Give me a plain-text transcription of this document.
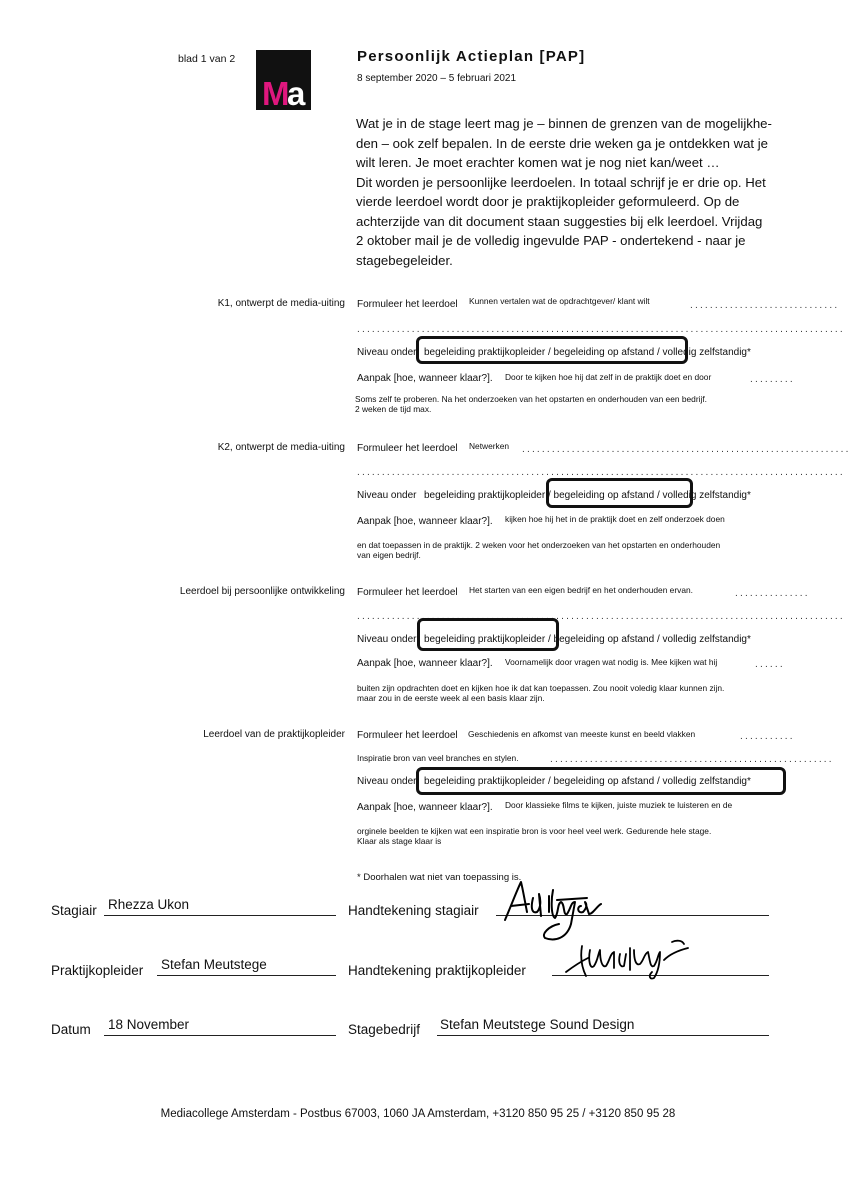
blad 1 van 2
M a
Persoonlijk Actieplan [PAP]
8 september 2020 – 5 februari 2021
Wat je in de stage leert mag je – binnen de grenzen van de mogelijkhe-
den – ook zelf bepalen. In de eerste drie weken ga je ontdekken wat je
wilt leren. Je moet erachter komen wat je nog niet kan/weet …
Dit worden je persoonlijke leerdoelen. In totaal schrijf je er drie op. Het
vierde leerdoel wordt door je praktijkopleider geformuleerd. Op de
achterzijde van dit document staan suggesties bij elk leerdoel. Vrijdag
2 oktober mail je de volledig ingevulde PAP - ondertekend - naar je
stagebegeleider.
K1, ontwerpt de media-uiting Formuleer het leerdoel Kunnen vertalen wat de opdrachtgever/ klant wilt	..............................
..................................................................................................
Niveau onder begeleiding praktijkopleider / begeleiding op afstand / volledig zelfstandig*
Aanpak [hoe, wanneer klaar?]. Door te kijken hoe hij dat zelf in de praktijk doet en door	.........
Soms zelf te proberen. Na het onderzoeken van het opstarten en onderhouden van een bedrijf.
2 weken de tijd max.
K2, ontwerpt de media-uiting Formuleer het leerdoel Netwerken ..................................................................
..................................................................................................
Niveau onder begeleiding praktijkopleider / begeleiding op afstand / volledig zelfstandig*
Aanpak [hoe, wanneer klaar?]. kijken hoe hij het in de praktijk doet en zelf onderzoek doen
en dat toepassen in de praktijk. 2 weken voor het onderzoeken van het opstarten en onderhouden
van eigen bedrijf.
Leerdoel bij persoonlijke ontwikkeling Formuleer het leerdoel Het starten van een eigen bedrijf en het onderhouden ervan.	...............
..................................................................................................
Niveau onder begeleiding praktijkopleider / begeleiding op afstand / volledig zelfstandig*
Aanpak [hoe, wanneer klaar?]. Voornamelijk door vragen wat nodig is. Mee kijken wat hij	......
buiten zijn opdrachten doet en kijken hoe ik dat kan toepassen. Zou nooit voledig klaar kunnen zijn.
maar zou in de eerste week al een basis klaar zijn.
Leerdoel van de praktijkopleider Formuleer het leerdoel Geschiedenis en afkomst van meeste kunst en beeld vlakken	...........
Inspiratie bron van veel branches en stylen.	.........................................................
Niveau onder begeleiding praktijkopleider / begeleiding op afstand / volledig zelfstandig*
Aanpak [hoe, wanneer klaar?]. Door klassieke films te kijken, juiste muziek te luisteren en de
orginele beelden te kijken wat een inspiratie bron is voor heel veel werk. Gedurende hele stage.
Klaar als stage klaar is
* Doorhalen wat niet van toepassing is.
Stagiair Rhezza Ukon	Handtekening stagiair
Praktijkopleider Stefan Meutstege	Handtekening praktijkopleider
Datum 18 November	Stagebedrijf Stefan Meutstege Sound Design
Mediacollege Amsterdam - Postbus 67003, 1060 JA Amsterdam, +3120 850 95 25 / +3120 850 95 28
